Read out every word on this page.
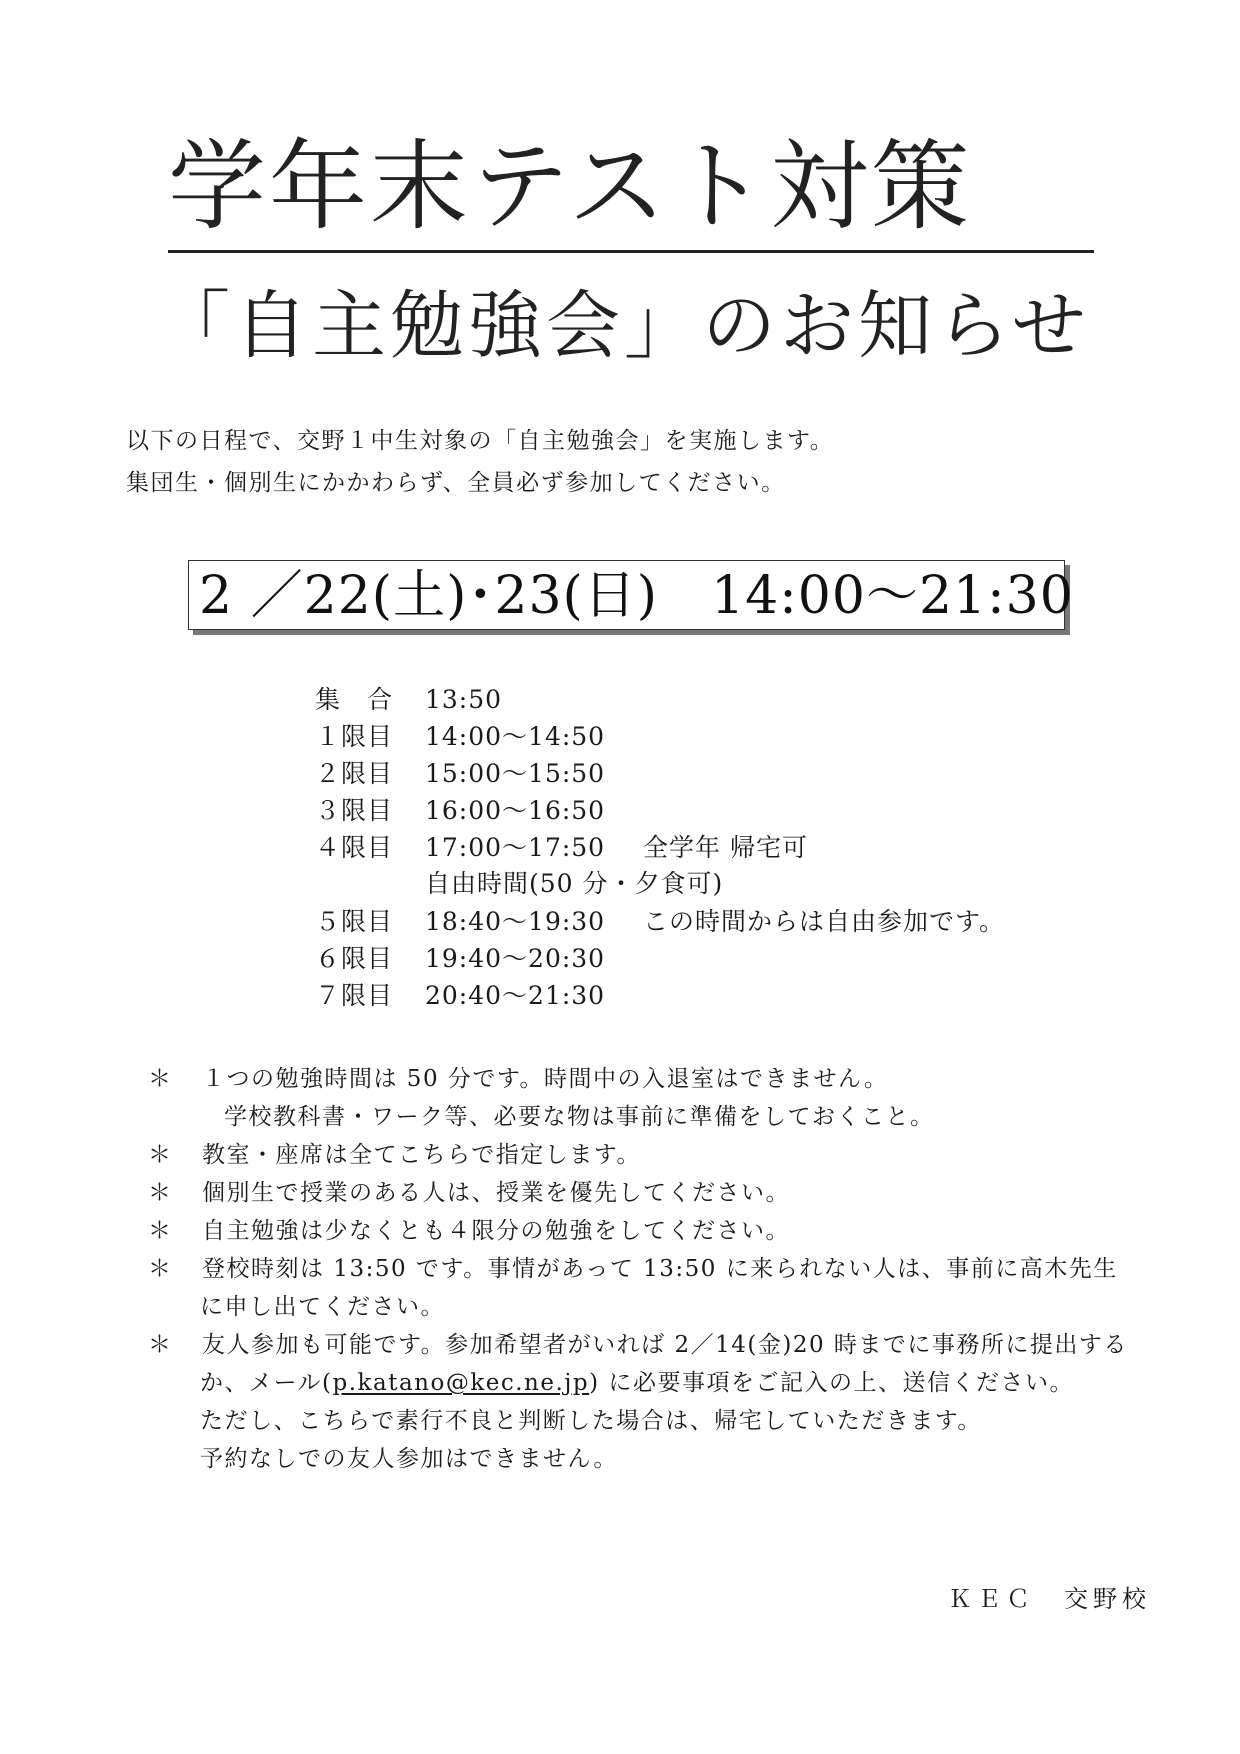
学年末テスト対策
「自主勉強会」のお知らせ
以下の日程で、交野１中生対象の「自主勉強会」を実施します。
集団生・個別生にかかわらず、全員必ず参加してください。
2 ／22(土)･23(日)　14:00～21:30
集　合 13:50
１限目 14:00～14:50
２限目 15:00～15:50
３限目 16:00～16:50
４限目 17:00～17:50 全学年 帰宅可
自由時間(50 分・夕食可)
５限目 18:40～19:30 この時間からは自由参加です。
６限目 19:40～20:30
７限目 20:40～21:30
＊ １つの勉強時間は 50 分です。時間中の入退室はできません。
学校教科書・ワーク等、必要な物は事前に準備をしておくこと。
＊ 教室・座席は全てこちらで指定します。
＊ 個別生で授業のある人は、授業を優先してください。
＊ 自主勉強は少なくとも４限分の勉強をしてください。
＊ 登校時刻は 13:50 です。事情があって 13:50 に来られない人は、事前に高木先生
に申し出てください。
＊ 友人参加も可能です。参加希望者がいれば 2／14(金)20 時までに事務所に提出する
か、メール(p.katano@kec.ne.jp) に必要事項をご記入の上、送信ください。
ただし、こちらで素行不良と判断した場合は、帰宅していただきます。
予約なしでの友人参加はできません。
ＫＥＣ　交野校
